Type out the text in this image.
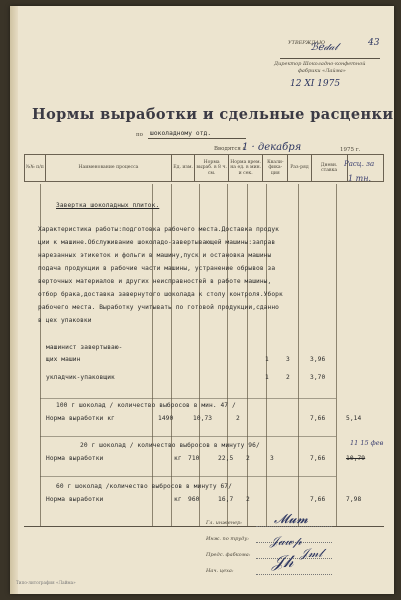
УТВЕРЖДАЮ
ℬℯ𝒹𝒶𝓁	43
Директор Шоколадно-конфетной
фабрики «Лайма»
12 XI 1975
Нормы выработки и сдельные расценки
по шоколадному отд.
Вводятся с
1 · декабря	1975 г.
№№ п/п	Наименование процесса	Ед. изм.	Норма выраб. в 8 ч. см.	Норма врем. на ед. в мин. и сек.	Квали-фика-ция	Раз-ряд	Дневн. ставка	
Расц. за
1 тн.
Завертка шоколадных плиток.
Характеристика работы:подготовка рабочего места.Доставка продук
ции к машине.Обслуживание шоколадо-завертывающей машины:заправ
нарезанных этикеток и фольги в машину,пуск и остановка машины
подача продукции в рабочие части машины, устранение обрывов за
верточных материалов и других неисправностей в работе машины,
отбор брака,доставка завернутого шоколада к столу контроля.Уборк
рабочего места. Выработку учитывать по готовой продукции,сданно
в цех упаковки
машинист завертываю-
щих машин	1	3	3,96
укладчик-упаковщик	1	2	3,70
100 г шоколад / количество выбросов в мин. 47 /
Норма выработки кг	1490	10,73	2	7,66	5,14
20 г шоколад / количество выбросов в минуту 96/	11 15 фев
Норма выработки	кг 710	22,5 2	3	7,66	10,79
60 г шоколад /количество выбросов в минуту 67/
Норма выработки	кг 960	16,7 2	7,66	7,98
Гл. инженер:
Инж. по труду:
Предс. фабкома:
Нач. цеха:
𝓜𝓾𝓶
𝒥𝒶𝓌𝓅
𝒥𝓂𝓁
𝒥𝒽
Типо-литография «Лайма»
